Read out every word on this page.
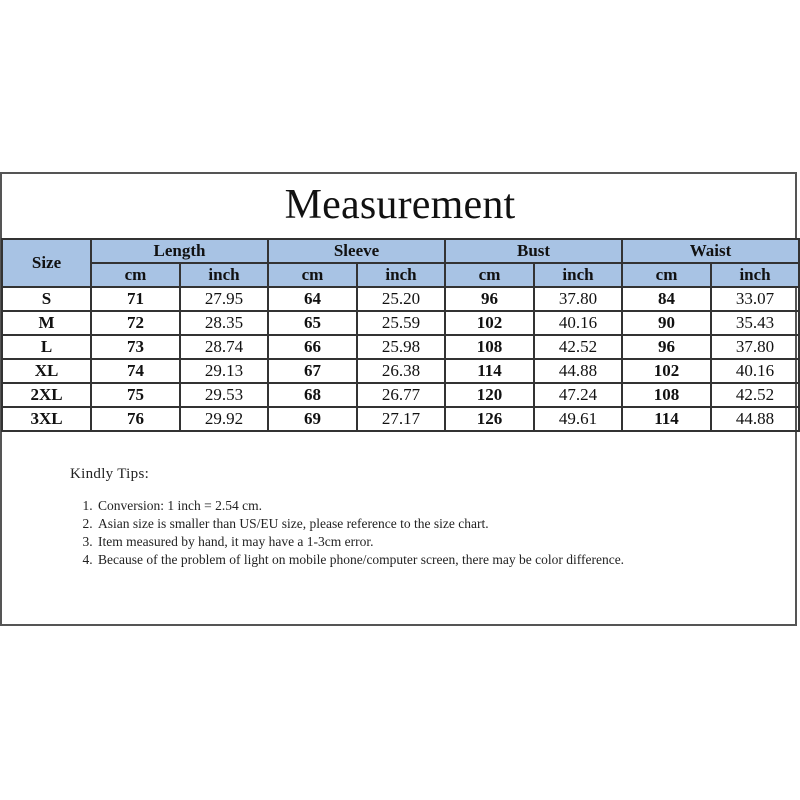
Measurement
Size	Length		Sleeve		Bust		Waist	
	cm	inch	cm	inch	cm	inch	cm	inch
S	71	27.95	64	25.20	96	37.80	84	33.07
M	72	28.35	65	25.59	102	40.16	90	35.43
L	73	28.74	66	25.98	108	42.52	96	37.80
XL	74	29.13	67	26.38	114	44.88	102	40.16
2XL	75	29.53	68	26.77	120	47.24	108	42.52
3XL	76	29.92	69	27.17	126	49.61	114	44.88
Kindly Tips:
1. Conversion: 1 inch = 2.54 cm.
2. Asian size is smaller than US/EU size, please reference to the size chart.
3. Item measured by hand, it may have a 1-3cm error.
4. Because of the problem of light on mobile phone/computer screen, there may be color difference.
